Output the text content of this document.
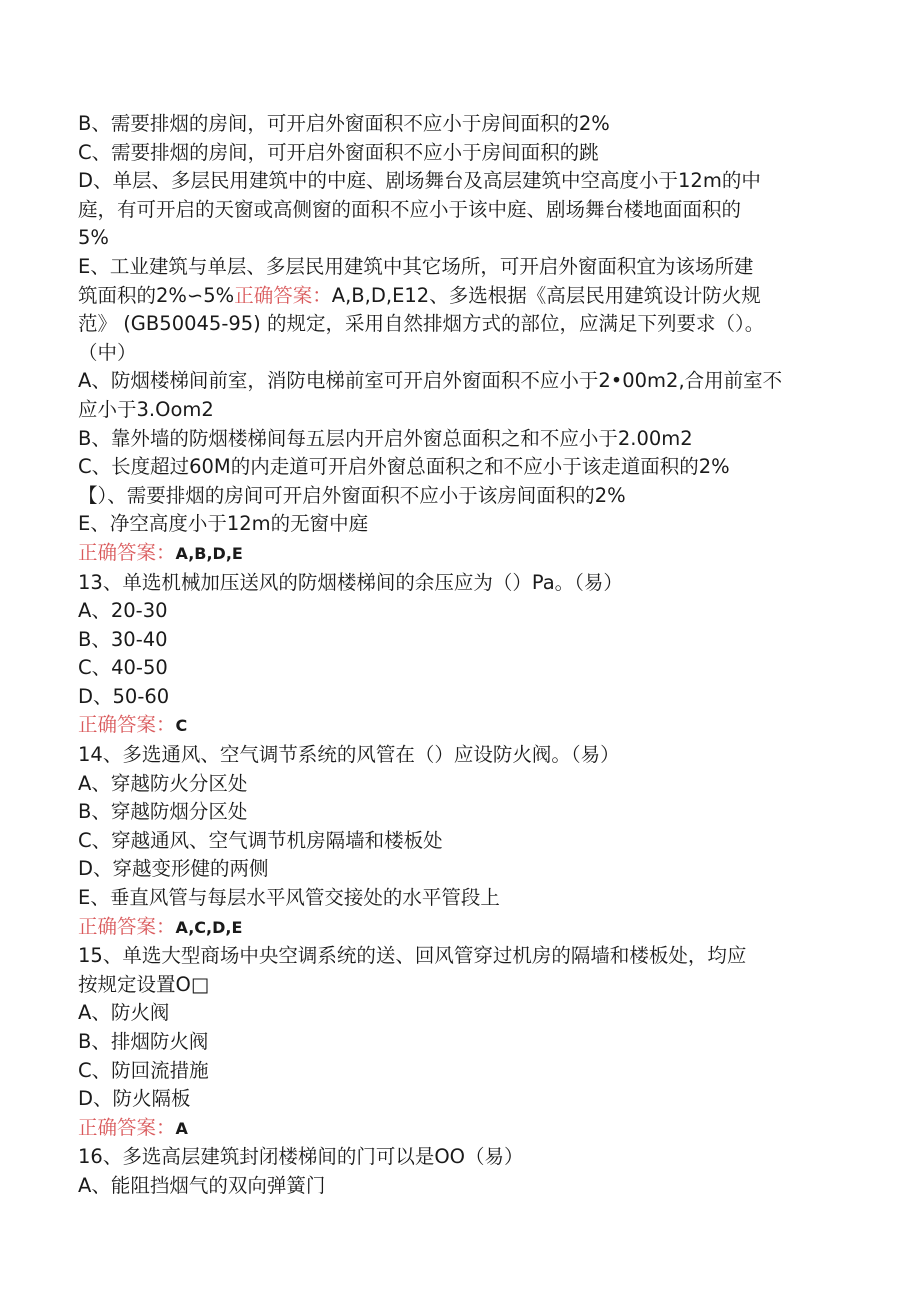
B、需要排烟的房间，可开启外窗面积不应小于房间面积的2%
C、需要排烟的房间，可开启外窗面积不应小于房间面积的跳
D、单层、多层民用建筑中的中庭、剧场舞台及高层建筑中空高度小于12m的中
庭，有可开启的天窗或高侧窗的面积不应小于该中庭、剧场舞台楼地面面积的
5%
E、工业建筑与单层、多层民用建筑中其它场所，可开启外窗面积宜为该场所建
筑面积的2%∽5%正确答案：A,B,D,E12、多选根据《高层民用建筑设计防火规
范》 (GB50045-95) 的规定，采用自然排烟方式的部位，应满足下列要求（）。
（中）
A、防烟楼梯间前室，消防电梯前室可开启外窗面积不应小于2•00m2,合用前室不
应小于3.Oom2
B、靠外墙的防烟楼梯间每五层内开启外窗总面积之和不应小于2.00m2
C、长度超过60M的内走道可开启外窗总面积之和不应小于该走道面积的2%
【）、需要排烟的房间可开启外窗面积不应小于该房间面积的2%
E、净空高度小于12m的无窗中庭
正确答案：A,B,D,E
13、单选机械加压送风的防烟楼梯间的余压应为（）Pa。（易）
A、20-30
B、30-40
C、40-50
D、50-60
正确答案：C
14、多选通风、空气调节系统的风管在（）应设防火阀。（易）
A、穿越防火分区处
B、穿越防烟分区处
C、穿越通风、空气调节机房隔墙和楼板处
D、穿越变形健的两侧
E、垂直风管与每层水平风管交接处的水平管段上
正确答案：A,C,D,E
15、单选大型商场中央空调系统的送、回风管穿过机房的隔墙和楼板处，均应
按规定设置O□
A、防火阀
B、排烟防火阀
C、防回流措施
D、防火隔板
正确答案：A
16、多选高层建筑封闭楼梯间的门可以是OO（易）
A、能阻挡烟气的双向弹簧门
